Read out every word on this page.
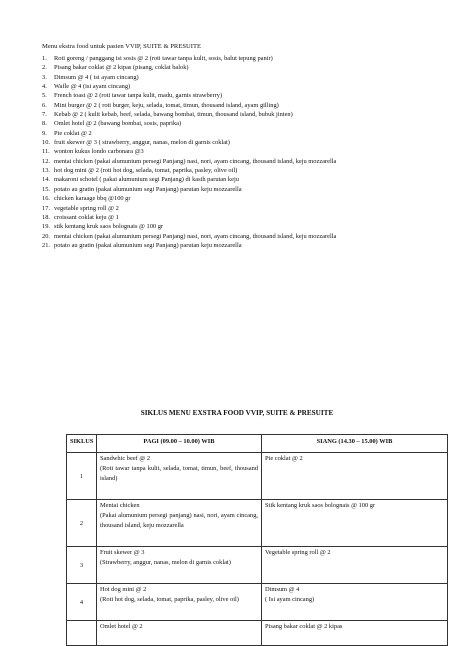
Menu ekstra food untuk pasien VVIP, SUITE & PRESUITE
1.	Roti goreng / panggang isi sosis @ 2 (roti tawar tanpa kulit, sosis, balut tepung panir)
2.	Pisang bakar coklat @ 2 kipas (pisang, coklat balok)
3.	Dimsum @ 4 ( isi ayam cincang)
4.	Wafle @ 4 (isi ayam cincang)
5.	French toast @ 2 (roti tawar tanpa kulit, madu, garnis strawberry)
6.	Mini burger @ 2 ( roti burger, keju, selada, tomat, timun, thousand island, ayam gilling)
7.	Kebab @ 2 ( kulit kebab, beef, selada, bawang bombai, timun, thousand island, bubuk jinten)
8.	Omlet hotel @ 2 (bawang bombai, sosis, paprika)
9.	Pie coklat @ 2
10. fruit skewer @ 3 ( strawberry, anggur, nanas, melon di garnis coklat)
11. wonton kukus londo carbonara @3
12. mentai chicken (pakai alumunium persegi Panjang) nasi, nori, ayam cincang, thousand island, keju mozzarella
13. hot dog mini @ 2 (roti hot dog, selada, tomat, paprika, pasley, olive oil)
14. makaroni schotel ( pakai alumunium segi Panjang) di kasih parutan keju
15. potato au gratin (pakai alumunium segi Panjang) parutan keju mozzarella
16. chicken karaage bbq @100 gr
17. vegetable spring roll @ 2
18. croissant coklat keju @ 1
19. stik kentang kruk saos bolognais @ 100 gr
20. mentai chicken (pakai alumunium persegi Panjang) nasi, nori, ayam cincang, thousand island, keju mozzarella
21. potato au gratin (pakai alumunium segi Panjang) parutan keju mozzarella
SIKLUS MENU EXSTRA FOOD VVIP, SUITE & PRESUITE
SIKLUS	PAGI (09.00 – 10.00) WIB	SIANG (14.30 – 15.00) WIB
1	Sandwhic beef @ 2
(Roti tawar tanpa kulit, selada, tomat, timun, beef, thousand island)	Pie coklat @ 2

2	Mentai chicken
(Pakai alumunium persegi panjang) nasi, nori, ayam cincang, thousand island, keju mozzarella	Stik kentang kruk saos bolognais @ 100 gr

3	Fruit skewer @ 3
(Strawberry, anggur, nanas, melon di garnis coklat)	Vegetable spring roll @ 2

4	Hot dog mini @ 2
(Roti hot dog, selada, tomat, paprika, pasley, olive oil)	Dimsum @ 4
( Isi ayam cincang)

	Omlet hotel @ 2	Pisang bakar coklat @ 2 kipas
